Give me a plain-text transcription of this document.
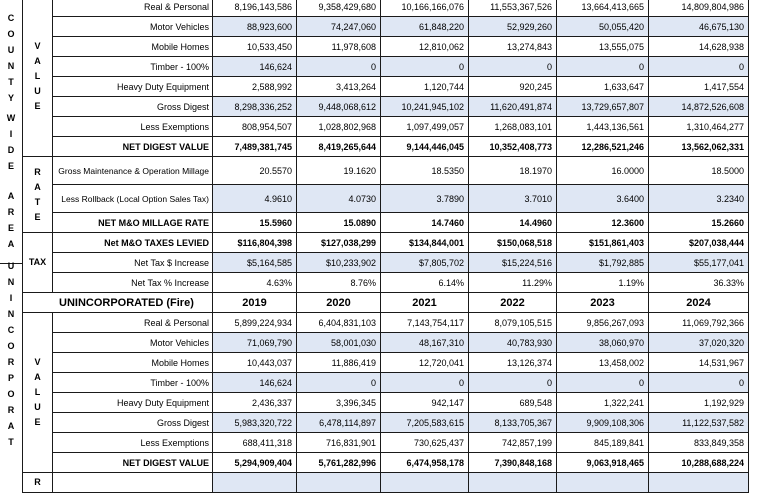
C
O
U
N
T
Y
W
I
D
E
A
R
E
A
U
N
I
N
C
O
R
P
O
R
A
T
V
A
L
U
E	Real & Personal	8,196,143,586	9,358,429,680	10,166,166,076	11,553,367,526	13,664,413,665	14,809,804,986
	Motor Vehicles	88,923,600	74,247,060	61,848,220	52,929,260	50,055,420	46,675,130
	Mobile Homes	10,533,450	11,978,608	12,810,062	13,274,843	13,555,075	14,628,938
	Timber - 100%	146,624	0	0	0	0	0
	Heavy Duty Equipment	2,588,992	3,413,264	1,120,744	920,245	1,633,647	1,417,554
	Gross Digest	8,298,336,252	9,448,068,612	10,241,945,102	11,620,491,874	13,729,657,807	14,872,526,608
	Less Exemptions	808,954,507	1,028,802,968	1,097,499,057	1,268,083,101	1,443,136,561	1,310,464,277
	NET DIGEST VALUE	7,489,381,745	8,419,265,644	9,144,446,045	10,352,408,773	12,286,521,246	13,562,062,331

R
A
T
E	Gross Maintenance & Operation Millage	20.5570	19.1620	18.5350	18.1970	16.0000	18.5000
	Less Rollback (Local Option Sales Tax)	4.9610	4.0730	3.7890	3.7010	3.6400	3.2340
	NET M&O MILLAGE RATE	15.5960	15.0890	14.7460	14.4960	12.3600	15.2660
TAX	Net M&O TAXES LEVIED	$116,804,398	$127,038,299	$134,844,001	$150,068,518	$151,861,403	$207,038,444
	Net Tax $ Increase	$5,164,585	$10,233,902	$7,805,702	$15,224,516	$1,792,885	$55,177,041
	Net Tax % Increase	4.63%	8.76%	6.14%	11.29%	1.19%	36.33%
UNINCORPORATED (Fire)		2019	2020	2021	2022	2023	2024

V
A
L
U
E	Real & Personal	5,899,224,934	6,404,831,103	7,143,754,117	8,079,105,515	9,856,267,093	11,069,792,366
	Motor Vehicles	71,069,790	58,001,030	48,167,310	40,783,930	38,060,970	37,020,320
	Mobile Homes	10,443,037	11,886,419	12,720,041	13,126,374	13,458,002	14,531,967
	Timber - 100%	146,624	0	0	0	0	0
	Heavy Duty Equipment	2,436,337	3,396,345	942,147	689,548	1,322,241	1,192,929
	Gross Digest	5,983,320,722	6,478,114,897	7,205,583,615	8,133,705,367	9,909,108,306	11,122,537,582
	Less Exemptions	688,411,318	716,831,901	730,625,437	742,857,199	845,189,841	833,849,358
	NET DIGEST VALUE	5,294,909,404	5,761,282,996	6,474,958,178	7,390,848,168	9,063,918,465	10,288,688,224

R							
